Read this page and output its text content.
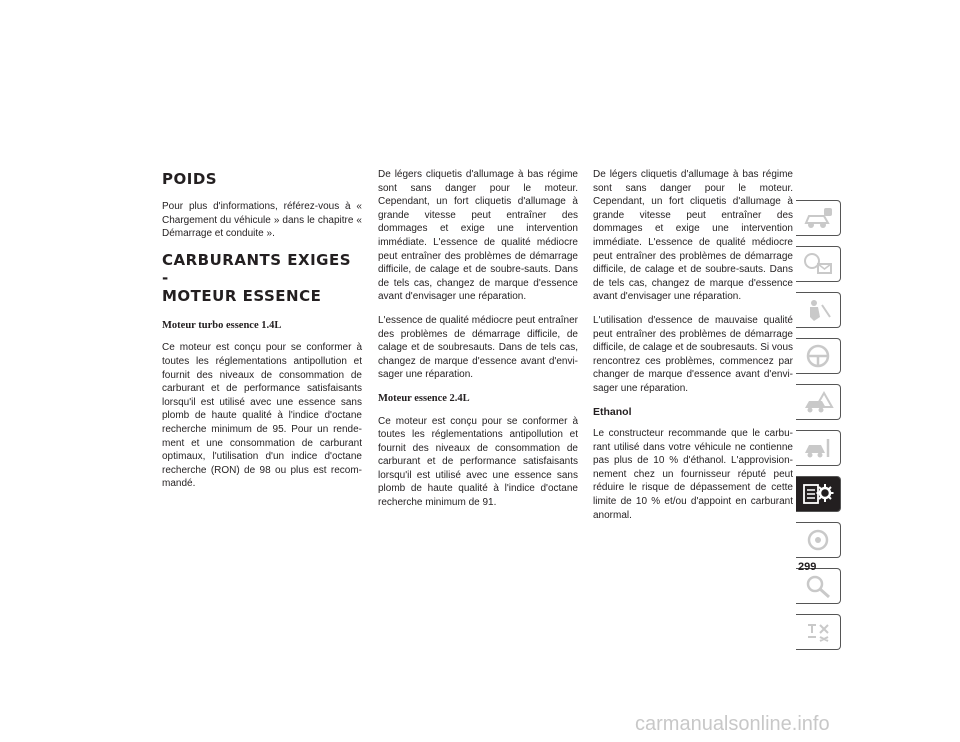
POIDS

Pour plus d'informations, référez-vous à « Chargement du véhicule » dans le chapitre « Démarrage et conduite ».

CARBURANTS EXIGES -
MOTEUR ESSENCE
Moteur turbo essence 1.4L

Ce moteur est conçu pour se conformer à toutes les réglementations antipollution et fournit des niveaux de consommation de carburant et de performance satisfaisants lorsqu'il est utilisé avec une essence sans plomb de haute qualité à l'indice d'octane recherche minimum de 95. Pour un rende-ment et une consommation de carburant optimaux, l'utilisation d'un indice d'octane recherche (RON) de 98 ou plus est recom-mandé.

De légers cliquetis d'allumage à bas régime sont sans danger pour le moteur. Cependant, un fort cliquetis d'allumage à grande vitesse peut entraîner des dommages et exige une intervention immédiate. L'essence de qualité médiocre peut entraîner des problèmes de démarrage difficile, de calage et de soubre-sauts. Dans de tels cas, changez de marque d'essence avant d'envisager une réparation.

L'essence de qualité médiocre peut entraîner des problèmes de démarrage difficile, de calage et de soubresauts. Dans de tels cas, changez de marque d'essence avant d'envi-sager une réparation.

Moteur essence 2.4L

Ce moteur est conçu pour se conformer à toutes les réglementations antipollution et fournit des niveaux de consommation de carburant et de performance satisfaisants lorsqu'il est utilisé avec une essence sans plomb de haute qualité à l'indice d'octane recherche minimum de 91.

De légers cliquetis d'allumage à bas régime sont sans danger pour le moteur. Cependant, un fort cliquetis d'allumage à grande vitesse peut entraîner des dommages et exige une intervention immédiate. L'essence de qualité médiocre peut entraîner des problèmes de démarrage difficile, de calage et de soubre-sauts. Dans de tels cas, changez de marque d'essence avant d'envisager une réparation.

L'utilisation d'essence de mauvaise qualité peut entraîner des problèmes de démarrage difficile, de calage et de soubresauts. Si vous rencontrez ces problèmes, commencez par changer de marque d'essence avant d'envi-sager une réparation.

Ethanol

Le constructeur recommande que le carbu-rant utilisé dans votre véhicule ne contienne pas plus de 10 % d'éthanol. L'approvision-nement chez un fournisseur réputé peut réduire le risque de dépassement de cette limite de 10 % et/ou d'appoint en carburant anormal.

299
carmanualsonline.info
